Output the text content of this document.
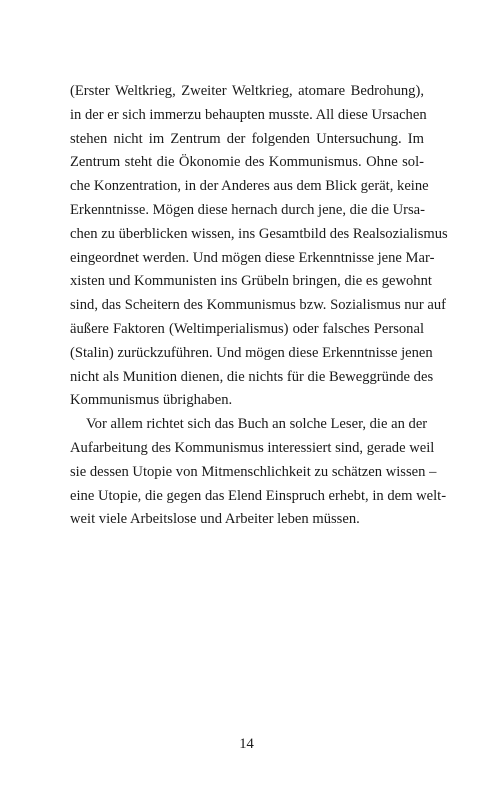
(Erster Weltkrieg, Zweiter Weltkrieg, atomare Bedrohung),
in der er sich immerzu behaupten musste. All diese Ursachen
stehen nicht im Zentrum der folgenden Untersuchung. Im
Zentrum steht die Ökonomie des Kommunismus. Ohne sol-
che Konzentration, in der Anderes aus dem Blick gerät, keine
Erkenntnisse. Mögen diese hernach durch jene, die die Ursa-
chen zu überblicken wissen, ins Gesamtbild des Realsozialismus
eingeordnet werden. Und mögen diese Erkenntnisse jene Mar-
xisten und Kommunisten ins Grübeln bringen, die es gewohnt
sind, das Scheitern des Kommunismus bzw. Sozialismus nur auf
äußere Faktoren (Weltimperialismus) oder falsches Personal
(Stalin) zurückzuführen. Und mögen diese Erkenntnisse jenen
nicht als Munition dienen, die nichts für die Beweggründe des
Kommunismus übrighaben.
Vor allem richtet sich das Buch an solche Leser, die an der
Aufarbeitung des Kommunismus interessiert sind, gerade weil
sie dessen Utopie von Mitmenschlichkeit zu schätzen wissen –
eine Utopie, die gegen das Elend Einspruch erhebt, in dem welt-
weit viele Arbeitslose und Arbeiter leben müssen.
14
